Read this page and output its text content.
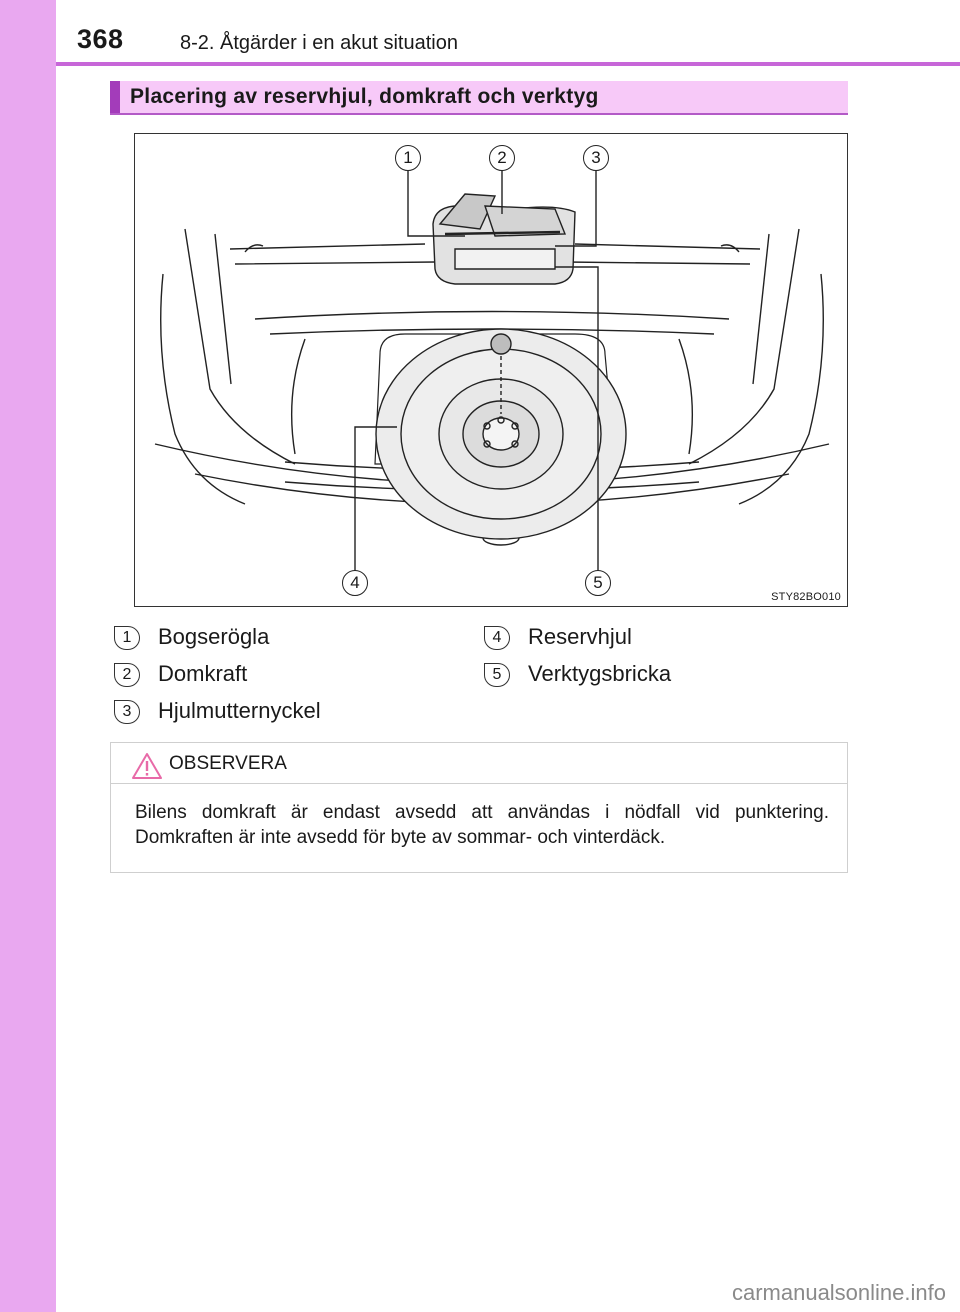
368	8-2. Åtgärder i en akut situation
Placering av reservhjul, domkraft och verktyg
1	2	3
4	5
STY82BO010
1	Bogserögla
2	Domkraft
3	Hjulmutternyckel
4	Reservhjul
5	Verktygsbricka
OBSERVERA

Bilens domkraft är endast avsedd att användas i nödfall vid punktering.

Domkraften är inte avsedd för byte av sommar- och vinterdäck.

carmanualsonline.info
